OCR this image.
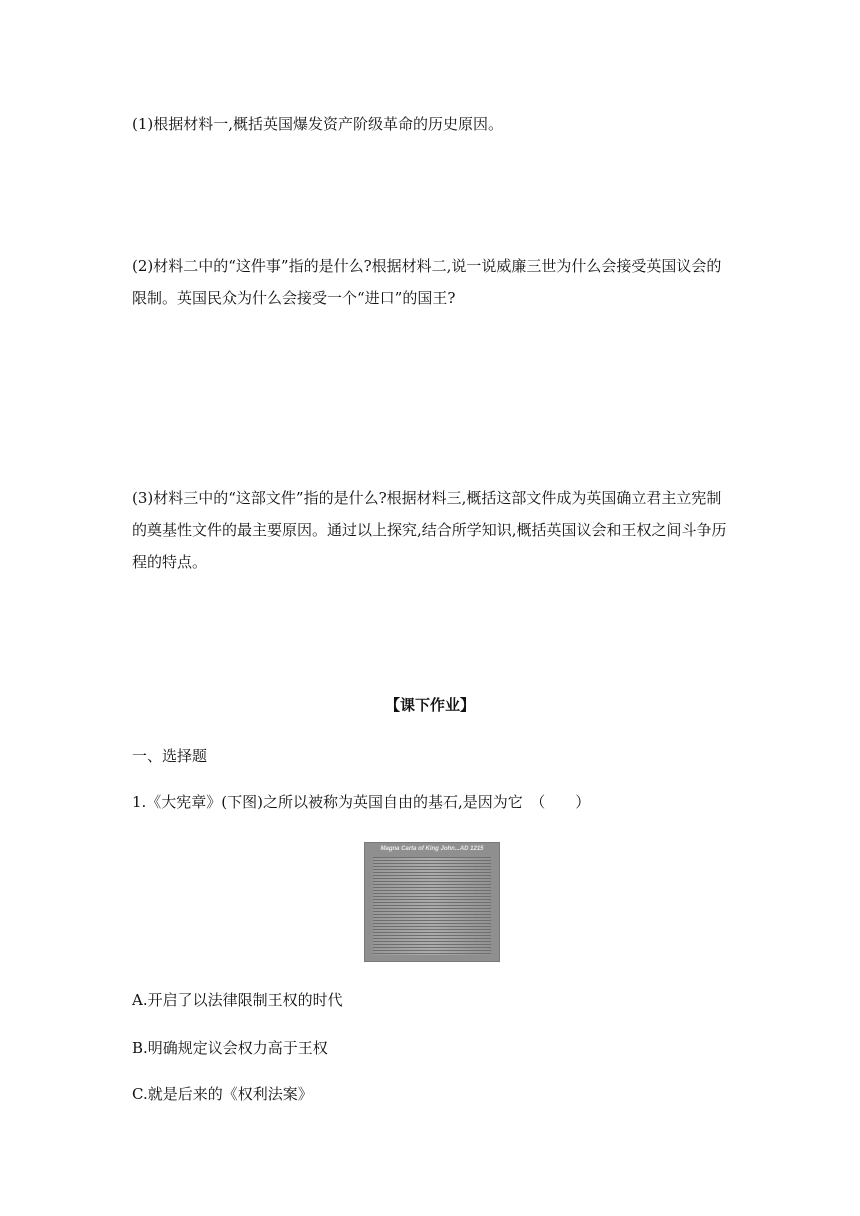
(1)根据材料一,概括英国爆发资产阶级革命的历史原因。

(2)材料二中的“这件事”指的是什么?根据材料二,说一说威廉三世为什么会接受英国议会的限制。英国民众为什么会接受一个“进口”的国王?

(3)材料三中的“这部文件”指的是什么?根据材料三,概括这部文件成为英国确立君主立宪制的奠基性文件的最主要原因。通过以上探究,结合所学知识,概括英国议会和王权之间斗争历程的特点。

【课下作业】
一、选择题
1.《大宪章》(下图)之所以被称为英国自由的基石,是因为它　（　　）
Magna Carta of King John...AD 1215
A.开启了以法律限制王权的时代
B.明确规定议会权力高于王权
C.就是后来的《权利法案》
